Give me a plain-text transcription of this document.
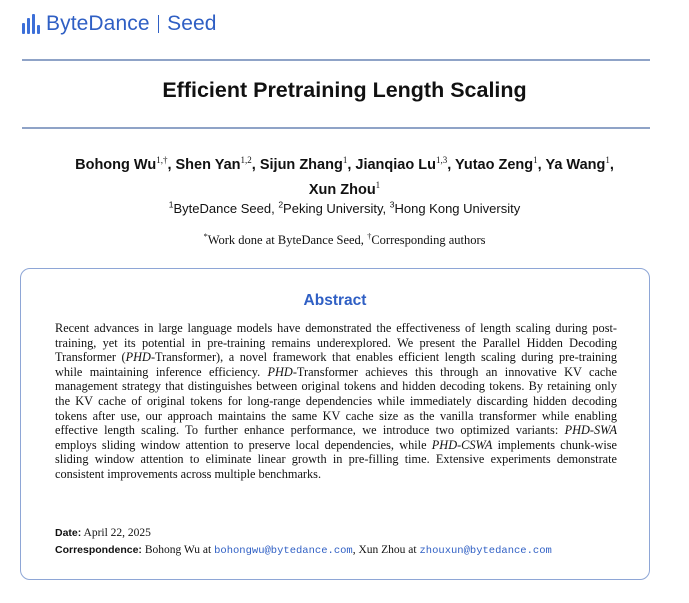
ByteDance Seed
Efficient Pretraining Length Scaling
Bohong $Wu^{1,\dagger}$, Shen Yan$^{1,2}$, Sijun Zhang$^1$, Jianqiao Lu$^{1,3}$, Yutao Zeng$^1$, Ya Wang$^1$,
Xun Zhou$^1$
$^1$ByteDance Seed, $^2$Peking University, $^3$Hong Kong University
*Work done at ByteDance Seed, †Corresponding authors
Abstract
Recent advances in large language models have demonstrated the effectiveness of length scaling during post-training, yet its potential in pre-training remains underexplored. We present the Parallel Hidden Decoding Transformer (PHD-Transformer), a novel framework that enables efficient length scaling during pre-training while maintaining inference efficiency. PHD-Transformer achieves this through an innovative KV cache management strategy that distinguishes between original tokens and hidden decoding tokens. By retaining only the KV cache of original tokens for long-range dependencies while immediately discarding hidden decoding tokens after use, our approach maintains the same KV cache size as the vanilla transformer while enabling effective length scaling. To further enhance performance, we introduce two optimized variants: PHD-SWA employs sliding window attention to preserve local dependencies, while PHD-CSWA implements chunk-wise sliding window attention to eliminate linear growth in pre-filling time. Extensive experiments demonstrate consistent improvements across multiple benchmarks.
Date: April 22, 2025
Correspondence: Bohong Wu at bohongwu@bytedance.com, Xun Zhou at zhouxun@bytedance.com
